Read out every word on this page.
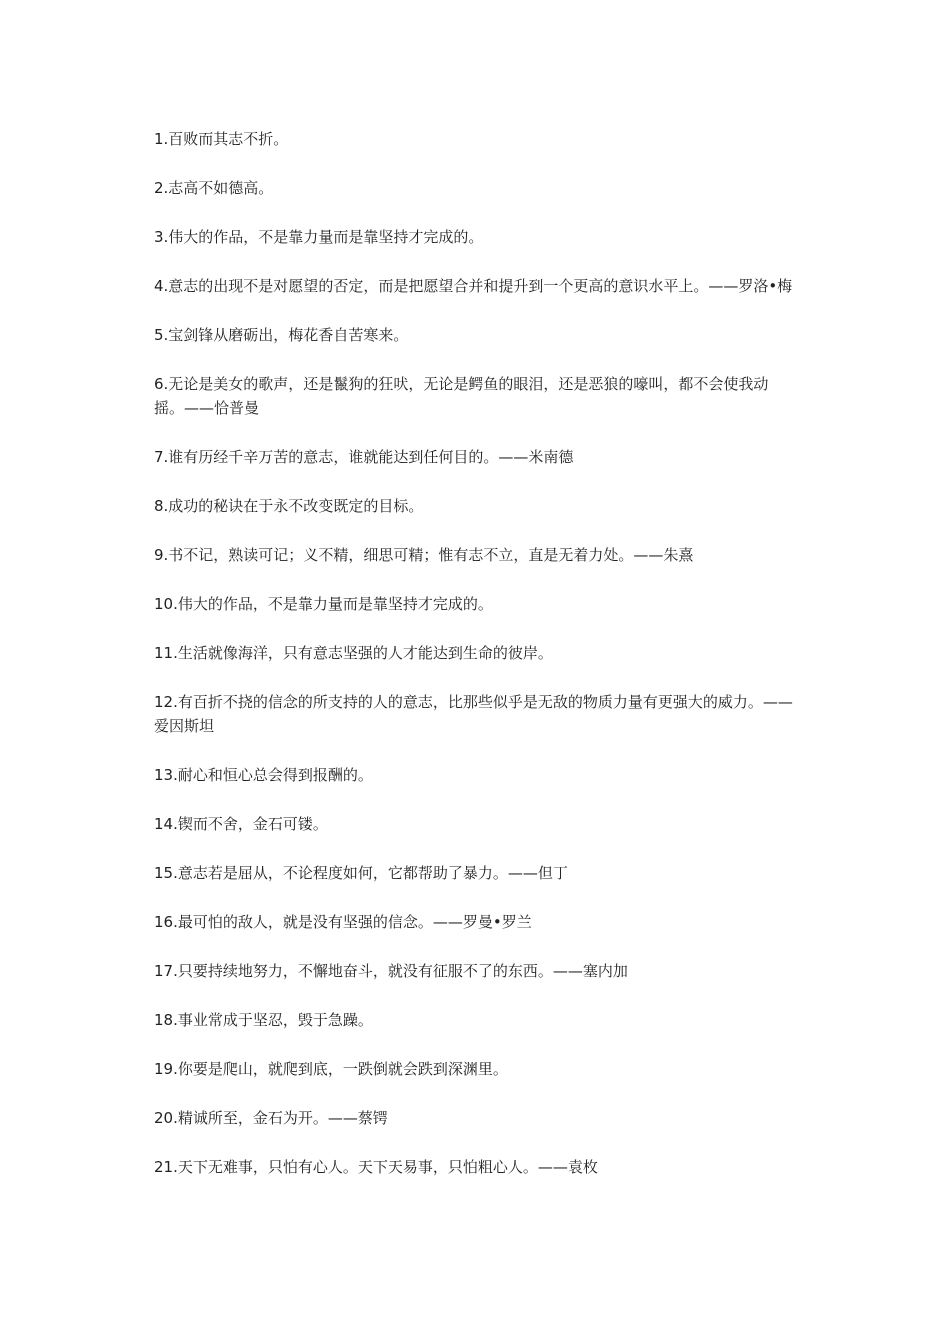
1.百败而其志不折。

2.志高不如德高。

3.伟大的作品，不是靠力量而是靠坚持才完成的。

4.意志的出现不是对愿望的否定，而是把愿望合并和提升到一个更高的意识水平上。——罗洛•梅

5.宝剑锋从磨砺出，梅花香自苦寒来。

6.无论是美女的歌声，还是鬣狗的狂吠，无论是鳄鱼的眼泪，还是恶狼的嚎叫，都不会使我动摇。——恰普曼

7.谁有历经千辛万苦的意志，谁就能达到任何目的。——米南德

8.成功的秘诀在于永不改变既定的目标。

9.书不记，熟读可记；义不精，细思可精；惟有志不立，直是无着力处。——朱熹

10.伟大的作品，不是靠力量而是靠坚持才完成的。

11.生活就像海洋，只有意志坚强的人才能达到生命的彼岸。

12.有百折不挠的信念的所支持的人的意志，比那些似乎是无敌的物质力量有更强大的威力。——爱因斯坦

13.耐心和恒心总会得到报酬的。

14.锲而不舍，金石可镂。

15.意志若是屈从，不论程度如何，它都帮助了暴力。——但丁

16.最可怕的敌人，就是没有坚强的信念。——罗曼•罗兰

17.只要持续地努力，不懈地奋斗，就没有征服不了的东西。——塞内加

18.事业常成于坚忍，毁于急躁。

19.你要是爬山，就爬到底，一跌倒就会跌到深渊里。

20.精诚所至，金石为开。——蔡锷

21.天下无难事，只怕有心人。天下天易事，只怕粗心人。——袁枚
